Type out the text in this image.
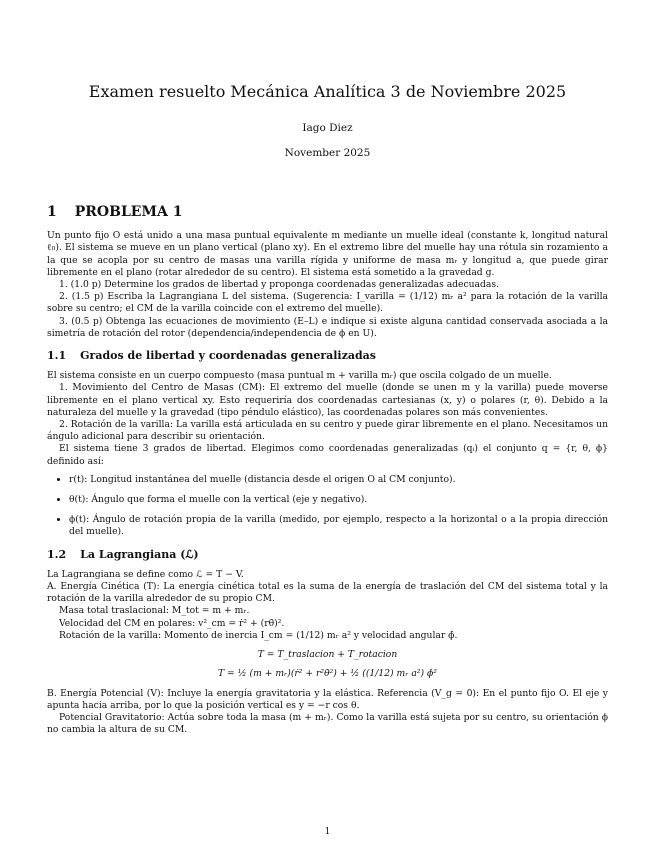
Examen resuelto Mecánica Analítica 3 de Noviembre 2025
Iago Diez
November 2025
1 PROBLEMA 1

Un punto fijo O está unido a una masa puntual equivalente m mediante un muelle ideal (constante k, longitud natural ℓ₀). El sistema se mueve en un plano vertical (plano xy). En el extremo libre del muelle hay una rótula sin rozamiento a la que se acopla por su centro de masas una varilla rígida y uniforme de masa mᵣ y longitud a, que puede girar libremente en el plano (rotar alrededor de su centro). El sistema está sometido a la gravedad g.

1. (1.0 p) Determine los grados de libertad y proponga coordenadas generalizadas adecuadas.

2. (1.5 p) Escriba la Lagrangiana L del sistema. (Sugerencia: I_varilla = (1/12) mᵣ a² para la rotación de la varilla sobre su centro; el CM de la varilla coincide con el extremo del muelle).

3. (0.5 p) Obtenga las ecuaciones de movimiento (E–L) e indique si existe alguna cantidad conservada asociada a la simetría de rotación del rotor (dependencia/independencia de ϕ en U).

1.1 Grados de libertad y coordenadas generalizadas

El sistema consiste en un cuerpo compuesto (masa puntual m + varilla mᵣ) que oscila colgado de un muelle.

1. Movimiento del Centro de Masas (CM): El extremo del muelle (donde se unen m y la varilla) puede moverse libremente en el plano vertical xy. Esto requeriría dos coordenadas cartesianas (x, y) o polares (r, θ). Debido a la naturaleza del muelle y la gravedad (tipo péndulo elástico), las coordenadas polares son más convenientes.

2. Rotación de la varilla: La varilla está articulada en su centro y puede girar libremente en el plano. Necesitamos un ángulo adicional para describir su orientación.

El sistema tiene 3 grados de libertad. Elegimos como coordenadas generalizadas (qᵢ) el conjunto q = {r, θ, ϕ} definido así:

• r(t): Longitud instantánea del muelle (distancia desde el origen O al CM conjunto).
• θ(t): Ángulo que forma el muelle con la vertical (eje y negativo).
• ϕ(t): Ángulo de rotación propia de la varilla (medido, por ejemplo, respecto a la horizontal o a la propia dirección del muelle).
1.2 La Lagrangiana (ℒ)

La Lagrangiana se define como ℒ = T − V.

A. Energía Cinética (T): La energía cinética total es la suma de la energía de traslación del CM del sistema total y la rotación de la varilla alrededor de su propio CM.

Masa total traslacional: M_tot = m + mᵣ.

Velocidad del CM en polares: v²_cm = ṙ² + (rθ̇)².

Rotación de la varilla: Momento de inercia I_cm = (1/12) mᵣ a² y velocidad angular ϕ̇.

T = T_traslacion + T_rotacion
T = ½ (m + mᵣ)(ṙ² + r²θ̇²) + ½ ((1/12) mᵣ a²) ϕ̇²

B. Energía Potencial (V): Incluye la energía gravitatoria y la elástica. Referencia (V_g = 0): En el punto fijo O. El eje y apunta hacia arriba, por lo que la posición vertical es y = −r cos θ.

Potencial Gravitatorio: Actúa sobre toda la masa (m + mᵣ). Como la varilla está sujeta por su centro, su orientación ϕ no cambia la altura de su CM.

1
